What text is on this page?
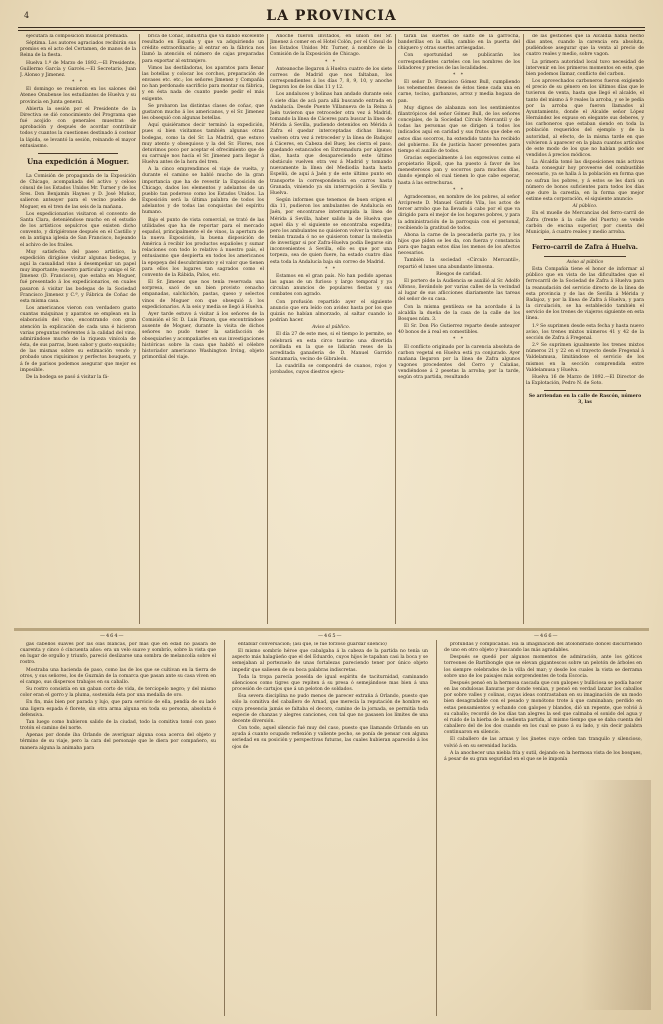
4	LA PROVINCIA

ejecutará la composición musical premiada.

Séptima. Los autores agraciados recibirán sus premios en el acto del Certamen, de manos de la Reina de la fiesta.

Huelva 1.º de Marzo de 1892.—El Presidente, Guillermo García y Garcés.—El Secretario, Juan J. Alonso y Jimenez.

* *

El domingo se reunieron en los salones del Ateneo Onubense los estudiantes de Huelva y su provincia en Junta general.

Abierta la sesión por el Presidente de la Directiva se dió conocimiento del Programa que fué acojido con generales muestras de aprobación y después de acordar contribuir todos y cuantos la cuestiones destinado á costear la lápida, se levantó la sesión, reinando el mayor entusiasmo.

Una expedición á Moguer.

La Comisión de propaganda de la Exposición de Chicago, acompañada del activo y celoso cónsul de los Estados Unidos Mr. Turner y de los Sres. Don Benjamin Haynes y D. José Muñoz, salieron anteayer para el vecino pueblo de Moguer, en el tren de las seis de la mañana.

Los expedicionarios visitaron el convento de Santa Clara, deteniéndose mucho en el estudio de los artísticos sepulcros que existen dicho convento, y dirigiéronse después en el Castillo y en la antigua iglesia de San Francisco, hojeando el achivo de los frailes.

Muy satisfecha del paseo artístico, la expedición dirigióse visitar algunas bodegas, y aquí la casualidad vino á desempeñar un papel muy importante; nuestro particular y amigo el Sr. Jimenez (D. Francisco), que estaba en Moguer, fué presentado á los expedicionarios, en cuales pasaron á visitar las bodegas de la Sociedad Francisco Jimenez y C.ª, y Fábrica de Coñac de esta misma casa.

Los americanos vieron con verdadero gusto cuantas máquinas y aparatos se emplean en la elaboración del vino, encontrando con gran atención la explicación de cada una é hicieron varias preguntas referentes á la calidad del vino, admirándose mucho de la riqueza vinícola de ésta, de sus parras, buen sabor y gusto exquisito; de las mismas sobre su estimación vendo y probado unos riquísimos y perfectos bouquets, y á fe de parisos podemos asegurar que mejor es imposible.

De la bodega se pasó á visitar la fá-

brica de Coñac, industria que va dando excelente resultado en España y que va adquiriendo un crédito extraordinario; al entrar en la fábrica nos llamó la atención el número de cajas preparadas para exportar al extranjero.

Vimos las destiladoras, los aparatos para llenar las botellas y colocar los corchos, preparación de envases etc. etc.; los señores Jimenez y Compañía no han perdonado sacrificio para montar su fábrica, y en ésta nada de cuanto puede pedir el más exigente.

Se probaron las distintas clases de coñac, que gustaron mucho á los americanos, y el Sr. Jimenez les obsequió con algunas botellas.

Aquí quisiéramos decir terminó la expedición, pues si bien visitamos también algunas otras bodegas, como la del Sr. La Madrid, que estuvo muy atento y obsequioso y la del Sr. Flores, nos detuvimos poco por aceptar el ofrecimiento que de su carruaje nos hacía el Sr. Jimenez para llegar á Huelva antes de la hora del tren.

A la cinco emprendimos el viaje de vuelta, y durante el camino se habló mucho de la gran importancia que ha de revestir la Exposición de Chicago, dados los elementos y adelantos de un pueblo tan poderoso como los Estados Unidos. La Exposición será la última palabra de todos los adelantos y de todas las conquistas del espíritu humano.

Bajo el punto de vista comercial, se trató de las utilidades que ha de reportar para el mercado español, principalmente el de vinos, la apertura de la nueva Exposición, la buena disposición de América á recibir los productos españoles y sumar relaciones con todo lo relativo á nuestro país, el entusiasmo que despierta en todos los americanos la epopeya del descubrimiento y el valor que tienen para ellos los lugares tan sagrados como el convento de la Rábida, Palos, etc.

El Sr. Jimenez que nos tenía reservada una sorpresa, sacó de un bien provisto cenacho empanadas, salchichón, pastas, queso y selectos vinos de Moguer con que obsequió á los expedicionarios. A la seis y media se llegó á Huelva.

Ayer tarde estuvo á visitar á los señores de la Comisión el Sr. D. Luis Pinzon, que encontrándose ausente de Moguer, durante la visita de dichos señores no pudo tener la satisfacción de obsequiarles y acompañarles en sus investigaciones históricas sobre la casa que habitó el célebre historiador americano Washington Irving, objeto primordial del viaje.

Anoche fueron invitados, en unión del Sr. Jimenez á comer en el Hotel Colón, por el Cónsul de los Estados Unidos Mr. Turner, á nombre de la Comisión de la Exposición de Chicago.

* *

Anteanoche llegaron á Huelva cuatro de los siete correos de Madrid que nos faltaban, los correspondientes á los días 7, 8, 9, 10, y anoche llegaron los de los días 11 y 12.

Los andaluces y bolinas han andado durante seis ó siete días de acá para allá buscando entrada en Andalucía. Desde Puente Villanueva de la Reina á Jaén tuvieron que retroceder otra vez á Madrid, tomando la línea de Cáceres para buscar la línea de Mérida á Sevilla, pudiendo detenidos en Mérida á Zafra el quedar interceptadas dichas líneas; vuelven otra vez á retroceder y la línea de Badajoz á Cáceres, en Cabeza del Buey, les cierra el paso, quedando estancados en Extremadura por algunos días, hasta que desapareciendo este último obstáculo vuelven otra vez á Madrid y tomando nuevamente la línea del Mediodía hasta hasta Espeliú, de aquí á Jaén y de este último punto en transporte la correspondencia en carros hasta Granada, viniendo ya sin interrupción á Sevilla y Huelva.

Según informes que tenemos de buen origen el día 11, pudieron los ambulantes de Andalucía en Jaén, por encontrarse interrumpida la línea de Mérida á Sevilla, haber salido la de Huelva que aquel día y el siguiente se encontraba expedita; pero los ambulantes no quisieron volver la vista que tenían trazada ó no se quisieron tomar la molestia de investigar si por Zafra-Huelva podía llegarse sin inconvenientes á Sevilla, ello es que por una torpeza, sea de quien fuere, ha estado cuatro días esta toda la Andalucía baja sin correo de Madrid.

* *

Estamos en el gran país. No han podido apenas las aguas de un furioso y largo temporal y ya circulan anuncios de populares fiestas y sus combates con agrado.

Con profusión repartido ayer el siguiente anuncio que era leído con avidez hasta por los que quizás no habían almorzado, al saltar cuando lo podrían hacer.

Aviso al público.

El día 27 de este mes, si el tiempo lo permite, se celebrará en esta circo taurino una divertida novillada en la que se lidiarán reses de la acreditada ganadería de D. Manuel Garrido Santamaría, vecino de Gibraleón.

La cuadrilla se compondrá de cuanos, rojos y jorobados, cuyos diestros ejecu-

tarán las suertes de salto de la garrocha, banderillas en la silla, cambio en la puerta del chiquero y otras suertes arriesgadas.

Con oportunidad se publicarán los correspondientes carteles con los nombres de los lidiadores y precios de las localidades.

* *

El señor D. Francisco Gómez Bull, cumpliendo los vehementes deseos de éstos tiene cada una en carne, tocino, garbanzos, arroz y media hogaza de pan.

Muy dignos de alabanza son los sentimientos filantrópicos del señor Gómez Bull, de los señores concejales, de la Sociedad Círculo Mercantil y de todas las personas que se dirigen á todos los indicados aquí en caridad y sus frutos que debe en estos días socorros, ha extendido tanto ha recibido del gobierno. Es de justicia hacer presentes para tiempo el auxilio de todos.

Gracias especialmente á los expresivos como el propietario Ripoll, que ha puesto á favor de los menesterosos pan y socorros para muchos días, dando ejemplo el cual tienen lo que cabe esperar, hasta á las estrechuras.

* *

Agradecemos, en nombre de los pobres, al señor Arcipreste D. Manuel Garrido Vila, los actos de tercer arrobo que ha llevado á cabo por el que va dirigido para el mejor de los hogares pobres, y para la administración de la parroquia con el personal, recibiendo la gratitud de todos.

Abona la carne de la pescadería parte ya, y los hijos que piden se les da, con fuerza y constancia para que hagan estos días los menos de los afectos necesarios.

También la sociedad «Círculo Mercantil», repartió el lunes una abundante limosna.

Riesgos de caridad.

El portero de la Audiencia se auxilió al Sr. Adolfo Alfonso, llevándolo por varias calles de la vecindad al lugar de sus aflicciones diariamente las tareas del señor de su casa.

Con la misma gentileza se ha acordado á la alcaldía la dueña de la casa de la calle de los Bosques núm. 3.

El Sr. Don Pío Gutierrez reparte desde anteayer 40 bonos de á real en comestibles.

* *

El conflicto originado por la carencia absoluta de carbon vegetal en Huelva está ya conjurado. Ayer mañana llegaron por la línea de Zafra algunos vagones procedentes del Cerro y Calañas, vendiéndose á 2 pesetas la arroba; por la tarde, según otra partida, resultando

de las gestiones que la Alcaldía había hecho días antes, cuando la carencia era absoluta, pudiéndose asegurar que la venta al precio de cuatro reales y medio, sobre vagon.

La primera autoridad local tuvo necesidad de intervenir en los primeros momentos en este, que bien podemos llamar, conflicto del carbon.

Los aprovechados carboneros fueron exigiendo el precio de su género en los últimos días que le tuvieron de venta, hasta que llegó el alcalde, el tanto del mismo á 9 reales la arroba, y se le pedía por la arroba que fueron llamados al Ayuntamiento, donde el Alcalde señor López Hernández les expuso en elegante sus deberes, y los carboneros que estaban siendo en toda la población requeridos del ejemplo y de la autoridad, al efecto, de la misma tarde en que volvieron á aparecer en la plaza cuantos artículos de este modo de los que no habían podido ser vendidos á precios módicos.

La Alcaldía tomó las disposiciones más activas hasta conseguir hoy proveerse del combustible necesario, ya se halla á la población en forma que no sufran los pobres, y á estos se les dará un número de bonos suficientes para todos los días que dure la carestía, en la forma que mejor estime esta corporación, el siguiente anuncio:

Al público.

En el muelle de Mercancías del ferro-carril de Zafra (frente á la calle del Puerto) se vende carbón de encina superior, por cuenta del Municipio, á cuatro reales y medio arroba.

Ferro-carril de Zafra á Huelva.

Aviso al público

Esta Compañía tiene el honor de informar al público que en vista de las dificultades que el ferrocarril de la Sociedad de Zafra á Huelva para la reanudación del servicio directo de la línea de esta provincia y de las de Sevilla á Mérida y Badajoz, y por la línea de Zafra á Huelva, y para la circulación, se ha establecido también el servicio de los trenes de viajeros siguiente en esta línea.

1.º Se suprimen desde esta fecha y hasta nuevo aviso, los trenes mixtos números 41 y 42 de la sección de Zafra á Fregenal.

2.º Se suprimen igualmente los trenes mixtos números 21 y 22 en el trayecto desde Fregenal á Valdelamusa, limitándose el servicio de los mismos en la sección comprendida entre Valdelamusa y Huelva.

Huelva 16 de Marzo de 1892.—El Director de la Explotación, Pedro N. de Soto.

Se arriendan en la calle de Rascón, número 3, las

—464—	—465—	—466—

gas cabellos suaves por las olas blancas, por más que en edad no pasara de cuarenta y cinco ó cincuenta años: era un velo suave y sombrío, sobre la vista que en lugar de orgullo y triunfo, pareció deslizarse una sombra de melancolía sobre el rostro.

Mostraba una hacienda de paso, como las de los que se cultivan en la tierra de otros, y sus señores, los de Guzmán de la comarca que pasan ante su casa viven en el campo, sus dispersos trabajos en su caballo.

Su rostro consistía en un gaban corto de vida, de terciopelo negro; y del mismo color eran el gorro y la pluma, sostenida ésta por una medalla de oro.

En fin, más bien por parada y lujo, que para servicio de ella, pendía de su lado una ligera espada é florete, sin otra arma alguna en toda su persona, absoluta é defensiva.

Tan luego como hubieron salido de la ciudad, todo la comitiva tomó con paso trotón el camino del norte.

Apenas por donde iba Orlando de averiguar alguna cosa acerca del objeto y término de su viaje, pero la cara del personaje que le diera por compañero, su manera alguna la animaba para

entablar conversación; (así que, le fué forzoso guardar silencio)

El mismo sombrío héroe que cabalgaba á la cabeza de la partida no tenía un aspecto más halagüeño que el del Eduardo, cuyos hijos le tapaban casi la boca y se semejaban al portezuelo de unas fortalezas pareciendo tener por único objeto impedir que saliesen de su boca palabras indiscretas.

Toda la tropa parecía poseída de igual espíritu de taciturnidad, caminando silenciosos como tigres que repiten á su presa ó semejándose mas bien á una procesión de cartujos que á un peloton de soldados.

Esa severa disciplina no pudo menos de parecer extraña á Orlando, puesto que sólo la comitiva del caballero de Arnad, que merecía la reputación de hombre en cuya presencia jamás se faltaba el decoro, camino de la jornada, se permitía toda especie de chanzas y alegres canciones, con tal que no pasasen los límites de una decente diversión.

Con todo, aquel silencio fué muy del caso, puesto que llamando Orlando en un ayuda á cuanto ocupado reflexión y valiente pecho, se ponía de pensar con alguna seriedad en su posición y perspectivas futuras, las cuales hubieran aparecido á los ojos de

profundas y complicadas. Ha la imaginación del atolondrado doncel discurriendo de uno en otro objeto y buscando las más agradables.

Después se quedó por algunos momentos de admiración, ante los góticos torreones de Bartibongle que se elevan gigantescos sobre un pelotón de árboles en los siempre celebrados de la villa del mar; y desde los cuales la vista se derrama sobre uno de los paisajes más sorprendentes de toda Escocia.

Después pensó en la hermosa cascada que con galopes y bulliciosa se podía hacer en las ondulosas llanuras por donde venían, y pensó en verdad lanzar los caballos por sobre valles y colinas, cuyas ideas contrastaban en su imaginación de un modo bien desagradable con el pesado y monótono trote á que caminaban; perdido en estas pensamientos y echando con galopes y blandos, dió un repente, que volvió á su caballo; recordó de los días tan alegres la sed que calmaba el sonido del agua y el ruido de la hierba de la sedienta partida, al mismo tiempo que se daba cuenta del caballero del de los dos cuando en los cual se puso á su lado, y sin decir palabra continuaron en silencio.

El caballero de las armas y los jinetes cuyo orden tan tranquilo y silencioso, volvió á en su serenidad lucida.

A la anochecer una niebla fría y sutil, dejando en la hermosa vista de los bosques, á pesar de su gran seguridad en el que se le imponía
